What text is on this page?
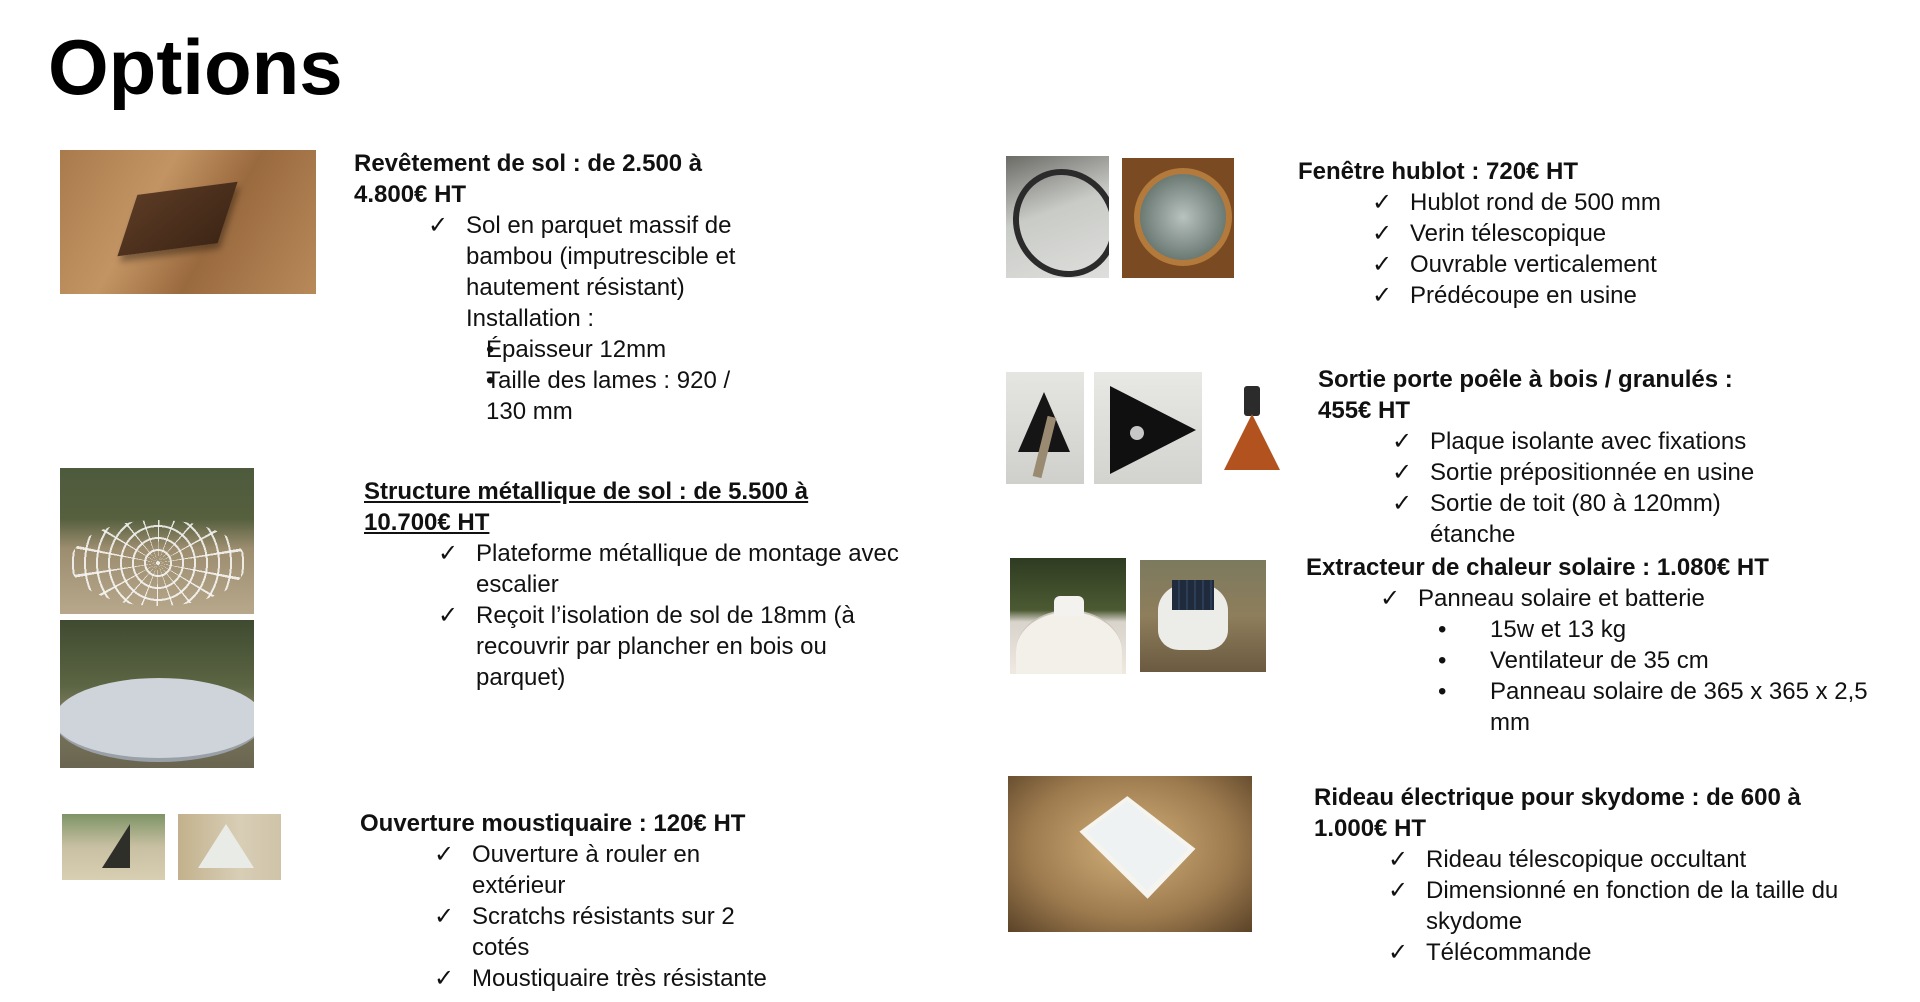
Options
Revêtement de sol : de 2.500 à
4.800€ HT
✓ Sol en parquet massif de
bambou (imputrescible et
hautement résistant)
Installation :
• Épaisseur 12mm
• Taille des lames : 920 /
130 mm
Structure métallique de sol : de 5.500 à
10.700€ HT
✓ Plateforme métallique de montage avec
escalier
✓ Reçoit l’isolation de sol de 18mm (à
recouvrir par plancher en bois ou
parquet)
Ouverture moustiquaire : 120€ HT
✓ Ouverture à rouler en
extérieur
✓ Scratchs résistants sur 2
cotés
✓ Moustiquaire très résistante
Fenêtre hublot : 720€ HT
✓ Hublot rond de 500 mm
✓ Verin télescopique
✓ Ouvrable verticalement
✓ Prédécoupe en usine
Sortie porte poêle à bois / granulés :
455€ HT
✓ Plaque isolante avec fixations
✓ Sortie prépositionnée en usine
✓ Sortie de toit (80 à 120mm)
étanche
Extracteur de chaleur solaire : 1.080€ HT
✓ Panneau solaire et batterie
• 15w et 13 kg
• Ventilateur de 35 cm
• Panneau solaire de 365 x 365 x 2,5
mm
Rideau électrique pour skydome : de 600 à
1.000€ HT
✓ Rideau télescopique occultant
✓ Dimensionné en fonction de la taille du
skydome
✓ Télécommande
